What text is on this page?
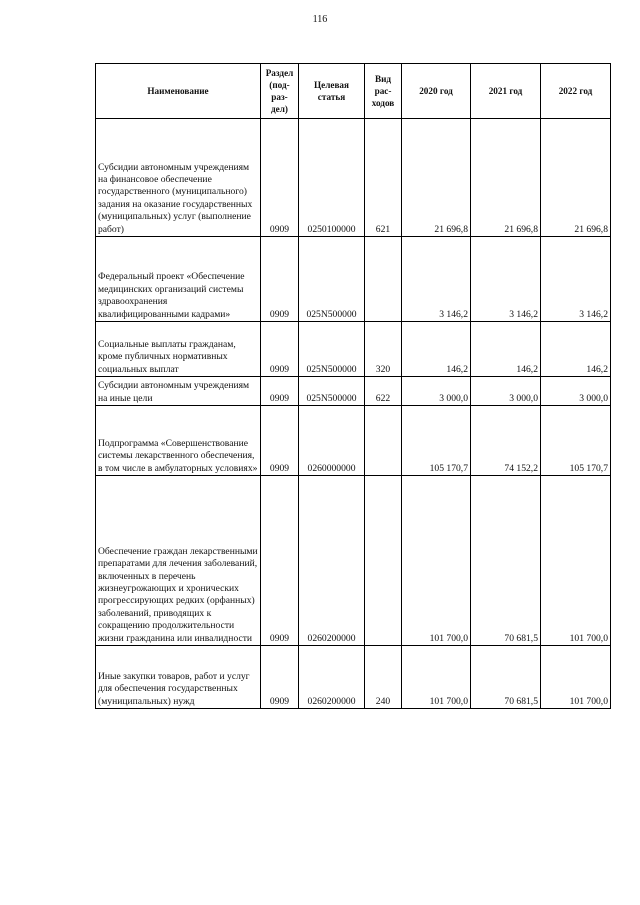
116
Наименование	Раздел (под-раз-дел)	Целевая статья	Вид рас-ходов	2020 год	2021 год	2022 год
Субсидии автономным учреждениям на финансовое обеспечение государственного (муниципального) задания на оказание государственных (муниципальных) услуг (выполнение работ)	0909	0250100000	621	21 696,8	21 696,8	21 696,8
Федеральный проект «Обеспечение медицинских организаций системы здравоохранения квалифицированными кадрами»	0909	025N500000		3 146,2	3 146,2	3 146,2
Социальные выплаты гражданам, кроме публичных нормативных социальных выплат	0909	025N500000	320	146,2	146,2	146,2
Субсидии автономным учреждениям на иные цели	0909	025N500000	622	3 000,0	3 000,0	3 000,0
Подпрограмма «Совершенствование системы лекарственного обеспечения, в том числе в амбулаторных условиях»	0909	0260000000		105 170,7	74 152,2	105 170,7
Обеспечение граждан лекарственными препаратами для лечения заболеваний, включенных в перечень жизнеугрожающих и хронических прогрессирующих редких (орфанных) заболеваний, приводящих к сокращению продолжительности жизни гражданина или инвалидности	0909	0260200000		101 700,0	70 681,5	101 700,0
Иные закупки товаров, работ и услуг для обеспечения государственных (муниципальных) нужд	0909	0260200000	240	101 700,0	70 681,5	101 700,0
